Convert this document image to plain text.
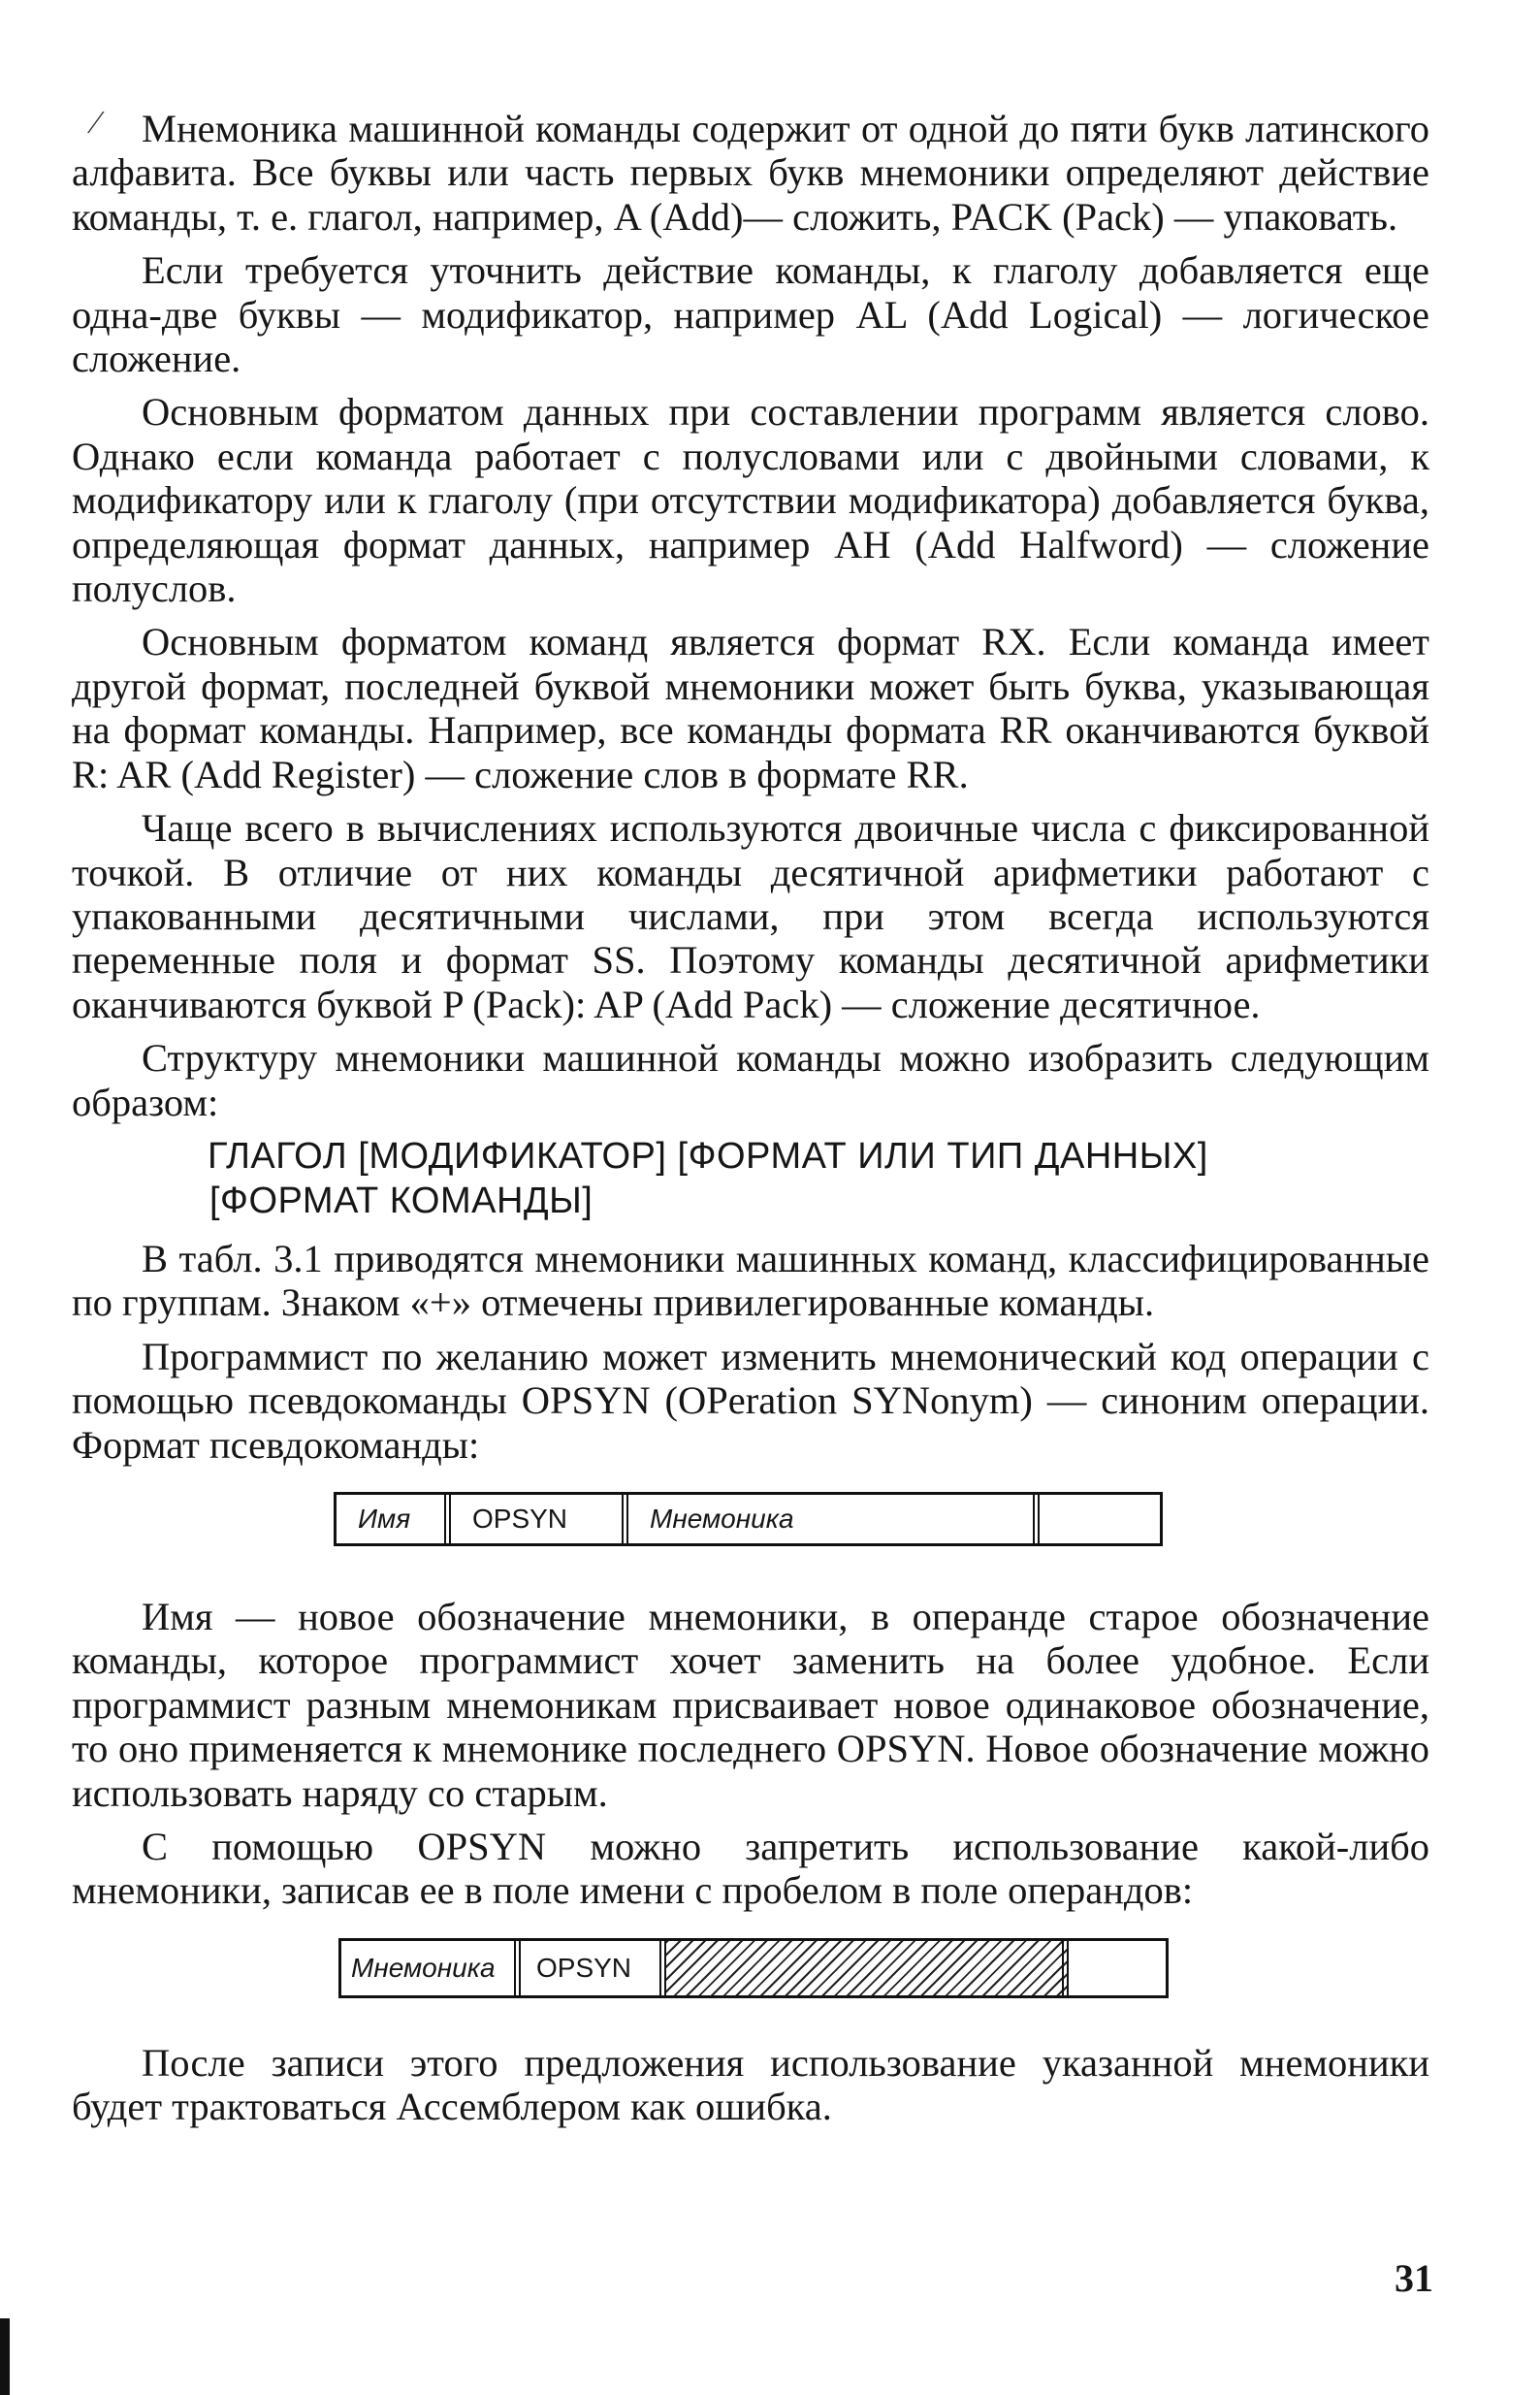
⁄	Мнемоника машинной команды содержит от одной до пяти букв латинского алфавита. Все буквы или часть первых букв мнемоники определяют действие команды, т. е. глагол, например, A (Add)— сложить, PACK (Pack) — упаковать.

Если требуется уточнить действие команды, к глаголу добавляется еще одна-две буквы — модификатор, например AL (Add Logical) — логическое сложение.

Основным форматом данных при составлении программ является слово. Однако если команда работает с полусловами или с двойными словами, к модификатору или к глаголу (при отсутствии модификатора) добавляется буква, определяющая формат данных, например AH (Add Halfword) — сложение полуслов.

Основным форматом команд является формат RX. Если команда имеет другой формат, последней буквой мнемоники может быть буква, указывающая на формат команды. Например, все команды формата RR оканчиваются буквой R: AR (Add Register) — сложение слов в формате RR.

Чаще всего в вычислениях используются двоичные числа с фиксированной точкой. В отличие от них команды десятичной арифметики работают с упакованными десятичными числами, при этом всегда используются переменные поля и формат SS. Поэтому команды десятичной арифметики оканчиваются буквой P (Pack): AP (Add Pack) — сложение десятичное.

Структуру мнемоники машинной команды можно изобразить следующим образом:

ГЛАГОЛ [МОДИФИКАТОР] [ФОРМАТ ИЛИ ТИП ДАННЫХ]
[ФОРМАТ КОМАНДЫ]

В табл. 3.1 приводятся мнемоники машинных команд, классифицированные по группам. Знаком «+» отмечены привилегированные команды.

Программист по желанию может изменить мнемонический код операции с помощью псевдокоманды OPSYN (OPeration SYNonym) — синоним операции. Формат псевдокоманды:

Имя	OPSYN	Мнемоника

Имя — новое обозначение мнемоники, в операнде старое обозначение команды, которое программист хочет заменить на более удобное. Если программист разным мнемоникам присваивает новое одинаковое обозначение, то оно применяется к мнемонике последнего OPSYN. Новое обозначение можно использовать наряду со старым.

С помощью OPSYN можно запретить использование какой-либо мнемоники, записав ее в поле имени с пробелом в поле операндов:

Мнемоника	OPSYN

После записи этого предложения использование указанной мнемоники будет трактоваться Ассемблером как ошибка.

31
